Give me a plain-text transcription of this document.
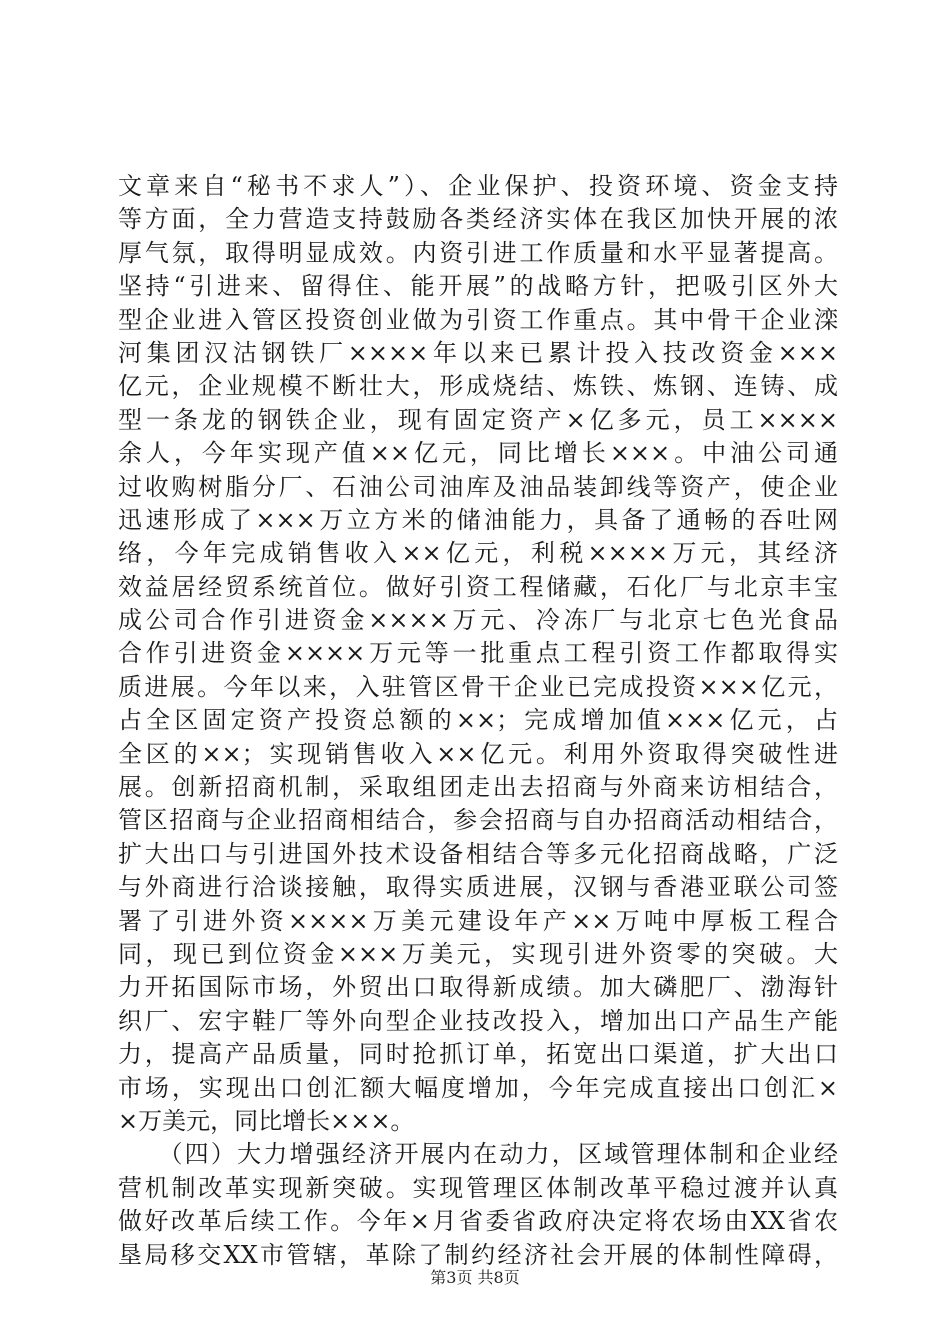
文章来自“秘书不求人”）、企业保护、投资环境、资金支持
等方面，全力营造支持鼓励各类经济实体在我区加快开展的浓
厚气氛，取得明显成效。内资引进工作质量和水平显著提高。
坚持“引进来、留得住、能开展”的战略方针，把吸引区外大
型企业进入管区投资创业做为引资工作重点。其中骨干企业滦
河集团汉沽钢铁厂××××年以来已累计投入技改资金×××
亿元，企业规模不断壮大，形成烧结、炼铁、炼钢、连铸、成
型一条龙的钢铁企业，现有固定资产×亿多元，员工××××
余人，今年实现产值××亿元，同比增长×××。中油公司通
过收购树脂分厂、石油公司油库及油品装卸线等资产，使企业
迅速形成了×××万立方米的储油能力，具备了通畅的吞吐网
络，今年完成销售收入××亿元，利税××××万元，其经济
效益居经贸系统首位。做好引资工程储藏，石化厂与北京丰宝
成公司合作引进资金××××万元、冷冻厂与北京七色光食品
合作引进资金××××万元等一批重点工程引资工作都取得实
质进展。今年以来，入驻管区骨干企业已完成投资×××亿元，
占全区固定资产投资总额的××；完成增加值×××亿元，占
全区的××；实现销售收入××亿元。利用外资取得突破性进
展。创新招商机制，采取组团走出去招商与外商来访相结合，
管区招商与企业招商相结合，参会招商与自办招商活动相结合，
扩大出口与引进国外技术设备相结合等多元化招商战略，广泛
与外商进行洽谈接触，取得实质进展，汉钢与香港亚联公司签
署了引进外资××××万美元建设年产××万吨中厚板工程合
同，现已到位资金×××万美元，实现引进外资零的突破。大
力开拓国际市场，外贸出口取得新成绩。加大磷肥厂、渤海针
织厂、宏宇鞋厂等外向型企业技改投入，增加出口产品生产能
力，提高产品质量，同时抢抓订单，拓宽出口渠道，扩大出口
市场，实现出口创汇额大幅度增加，今年完成直接出口创汇×
×万美元，同比增长×××。
　　（四）大力增强经济开展内在动力，区域管理体制和企业经
营机制改革实现新突破。实现管理区体制改革平稳过渡并认真
做好改革后续工作。今年×月省委省政府决定将农场由XX省农
垦局移交XX市管辖，革除了制约经济社会开展的体制性障碍，
第3页 共8页
